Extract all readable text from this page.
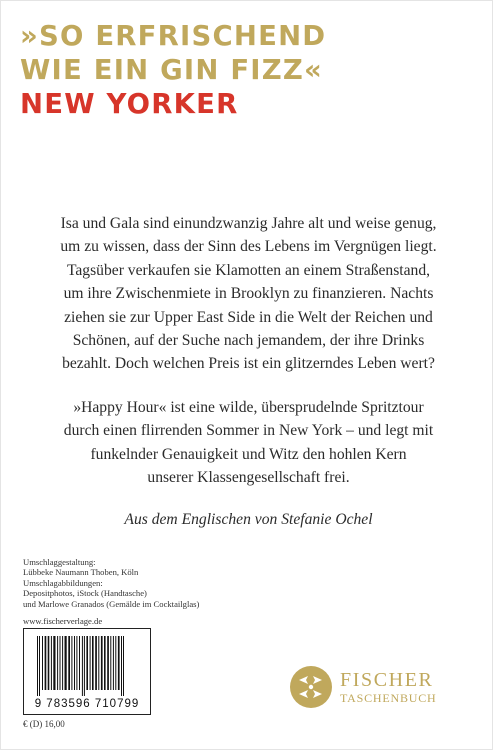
»SO ERFRISCHEND
WIE EIN GIN FIZZ«
NEW YORKER

Isa und Gala sind einundzwanzig Jahre alt und weise genug,
um zu wissen, dass der Sinn des Lebens im Vergnügen liegt.
Tagsüber verkaufen sie Klamotten an einem Straßenstand,
um ihre Zwischenmiete in Brooklyn zu finanzieren. Nachts
ziehen sie zur Upper East Side in die Welt der Reichen und
Schönen, auf der Suche nach jemandem, der ihre Drinks
bezahlt. Doch welchen Preis ist ein glitzerndes Leben wert?

»Happy Hour« ist eine wilde, übersprudelnde Spritztour
durch einen flirrenden Sommer in New York – und legt mit
funkelnder Genauigkeit und Witz den hohlen Kern
unserer Klassengesellschaft frei.

Aus dem Englischen von Stefanie Ochel

Umschlaggestaltung:
Lübbeke Naumann Thoben, Köln
Umschlagabbildungen:
Depositphotos, iStock (Handtasche)
und Marlowe Granados (Gemälde im Cocktailglas)
www.fischerverlage.de
9 783596 710799
€ (D) 16,00
FISCHER
TASCHENBUCH
